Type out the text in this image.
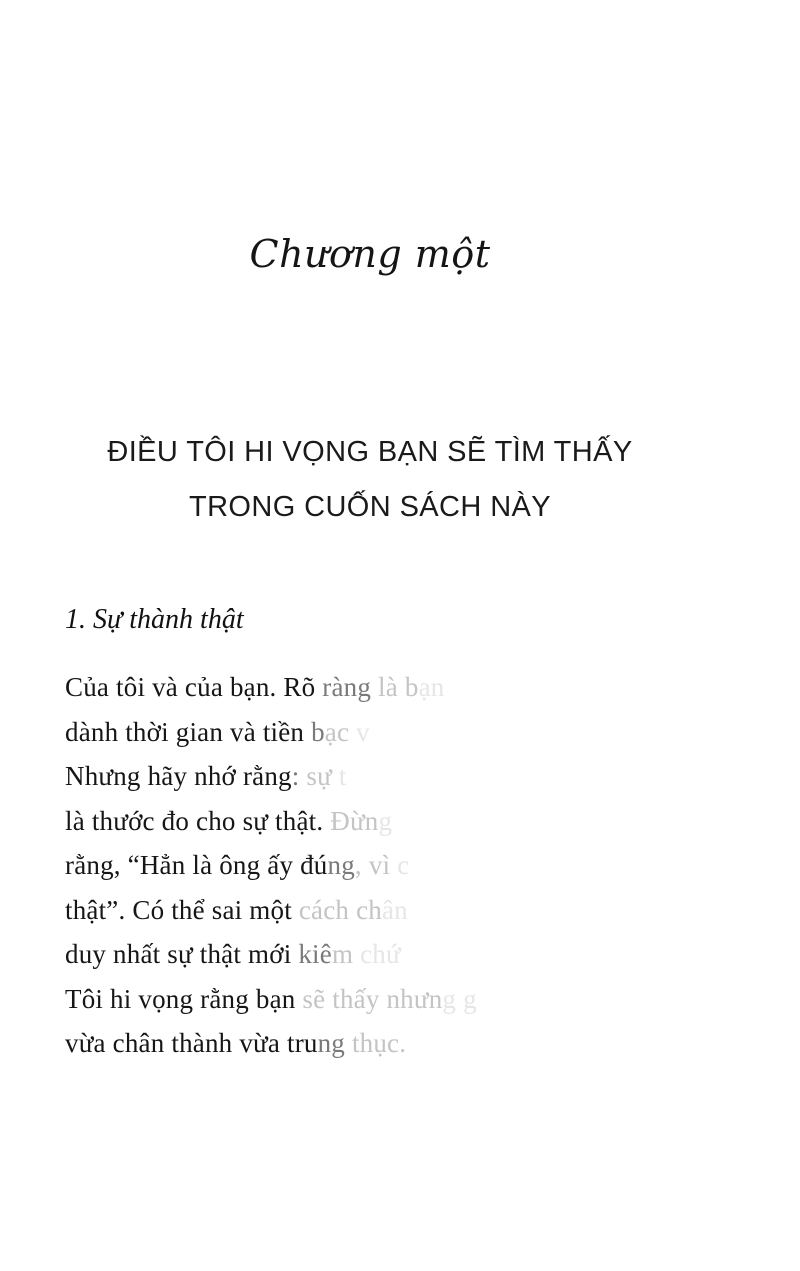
Chương một
ĐIỀU TÔI HI VỌNG BẠN SẼ TÌM THẤY
TRONG CUỐN SÁCH NÀY
1. Sự thành thật
Của tôi và của bạn. Rõ ràng là bạn
dành thời gian và tiền bạc v
Nhưng hãy nhớ rằng: sự t
là thước đo cho sự thật. Đừng
rằng, “Hẳn là ông ấy đúng, vì c
thật”. Có thể sai một cách chân
duy nhất sự thật mới kiêm chứ
Tôi hi vọng rằng bạn sẽ thấy nhưng g
vừa chân thành vừa trung thục.
